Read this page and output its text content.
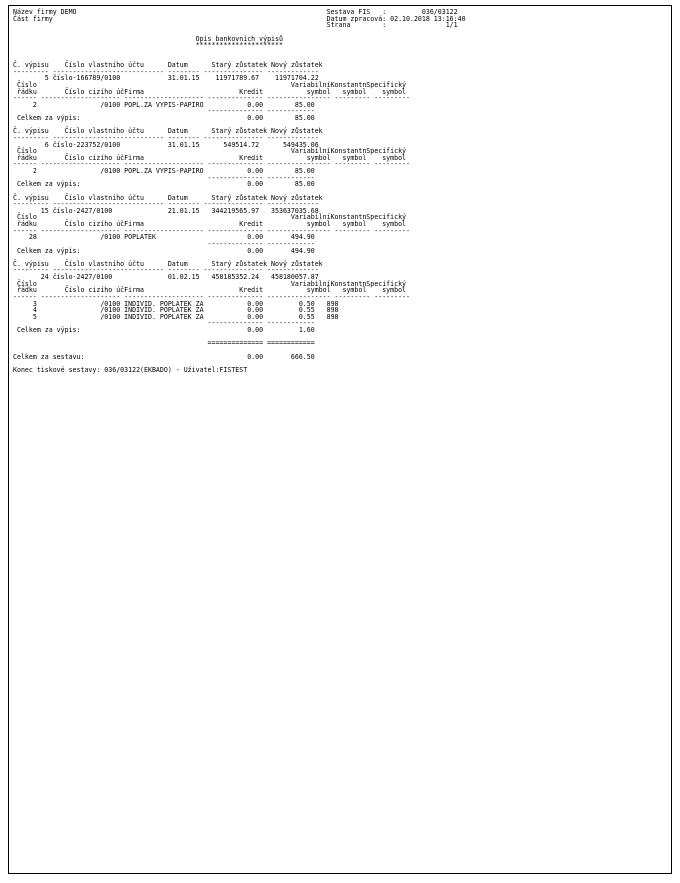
Název firmy DEMO                                                               Sestava FIS   :         036/03122
Část firmy                                                                     Datum zpracová: 02.10.2018 13:16:40
Strana        :               1/1

Opis bankovních výpisů
**********************

Č. výpisu    Číslo vlastního účtu      Datum      Starý zůstatek Nový zůstatek
--------- ---------------------------- -------- --------------- -------------
5 číslo-166789/0100            31.01.15    11971789.67    11971704.22
Číslo                                                                VariabilníKonstantnSpecifický
řádku       Číslo cizího účFirma                        Kredit           symbol   symbol    symbol
------ -------------------- -------------------- -------------- ---------------- --------- ---------
2                /0100 POPL.ZA VYPIS-PAPIRO           0.00        85.00
-------------- ------------
Celkem za výpis:                                          0.00        85.00

Č. výpisu    Číslo vlastního účtu      Datum      Starý zůstatek Nový zůstatek
--------- ---------------------------- -------- --------------- -------------
6 číslo-223752/0100            31.01.15      549514.72      549435.06
Číslo                                                                VariabilníKonstantnSpecifický
řádku       Číslo cizího účFirma                        Kredit           symbol   symbol    symbol
------ -------------------- -------------------- -------------- ---------------- --------- ---------
2                /0100 POPL.ZA VYPIS-PAPIRO           0.00        85.00
-------------- ------------
Celkem za výpis:                                          0.00        85.00

Č. výpisu    Číslo vlastního účtu      Datum      Starý zůstatek Nový zůstatek
--------- ---------------------------- -------- --------------- -------------
15 číslo-2427/0100              21.01.15   344219565.97   353637035.68
Číslo                                                                VariabilníKonstantnSpecifický
řádku       Číslo cizího účFirma                        Kredit           symbol   symbol    symbol
------ -------------------- -------------------- -------------- ---------------- --------- ---------
28                /0100 POPLATEK                       0.00       494.90
-------------- ------------
Celkem za výpis:                                          0.00       494.90

Č. výpisu    Číslo vlastního účtu      Datum      Starý zůstatek Nový zůstatek
--------- ---------------------------- -------- --------------- -------------
24 číslo-2427/0100              01.02.15   458185352.24   458180057.87
Číslo                                                                VariabilníKonstantnSpecifický
řádku       Číslo cizího účFirma                        Kredit           symbol   symbol    symbol
------ -------------------- -------------------- -------------- ---------------- --------- ---------
3                /0100 INDIVID. POPLATEK ZA           0.00         0.50   898
4                /0100 INDIVID. POPLATEK ZA           0.00         0.55   898
5                /0100 INDIVID. POPLATEK ZA           0.00         0.55   898
-------------- ------------
Celkem za výpis:                                          0.00         1.60

============== ============

Celkem za sestavu:                                         0.00       666.50

Konec tiskové sestavy: 036/03122(EKBADO) - Uživatel:FISTEST
